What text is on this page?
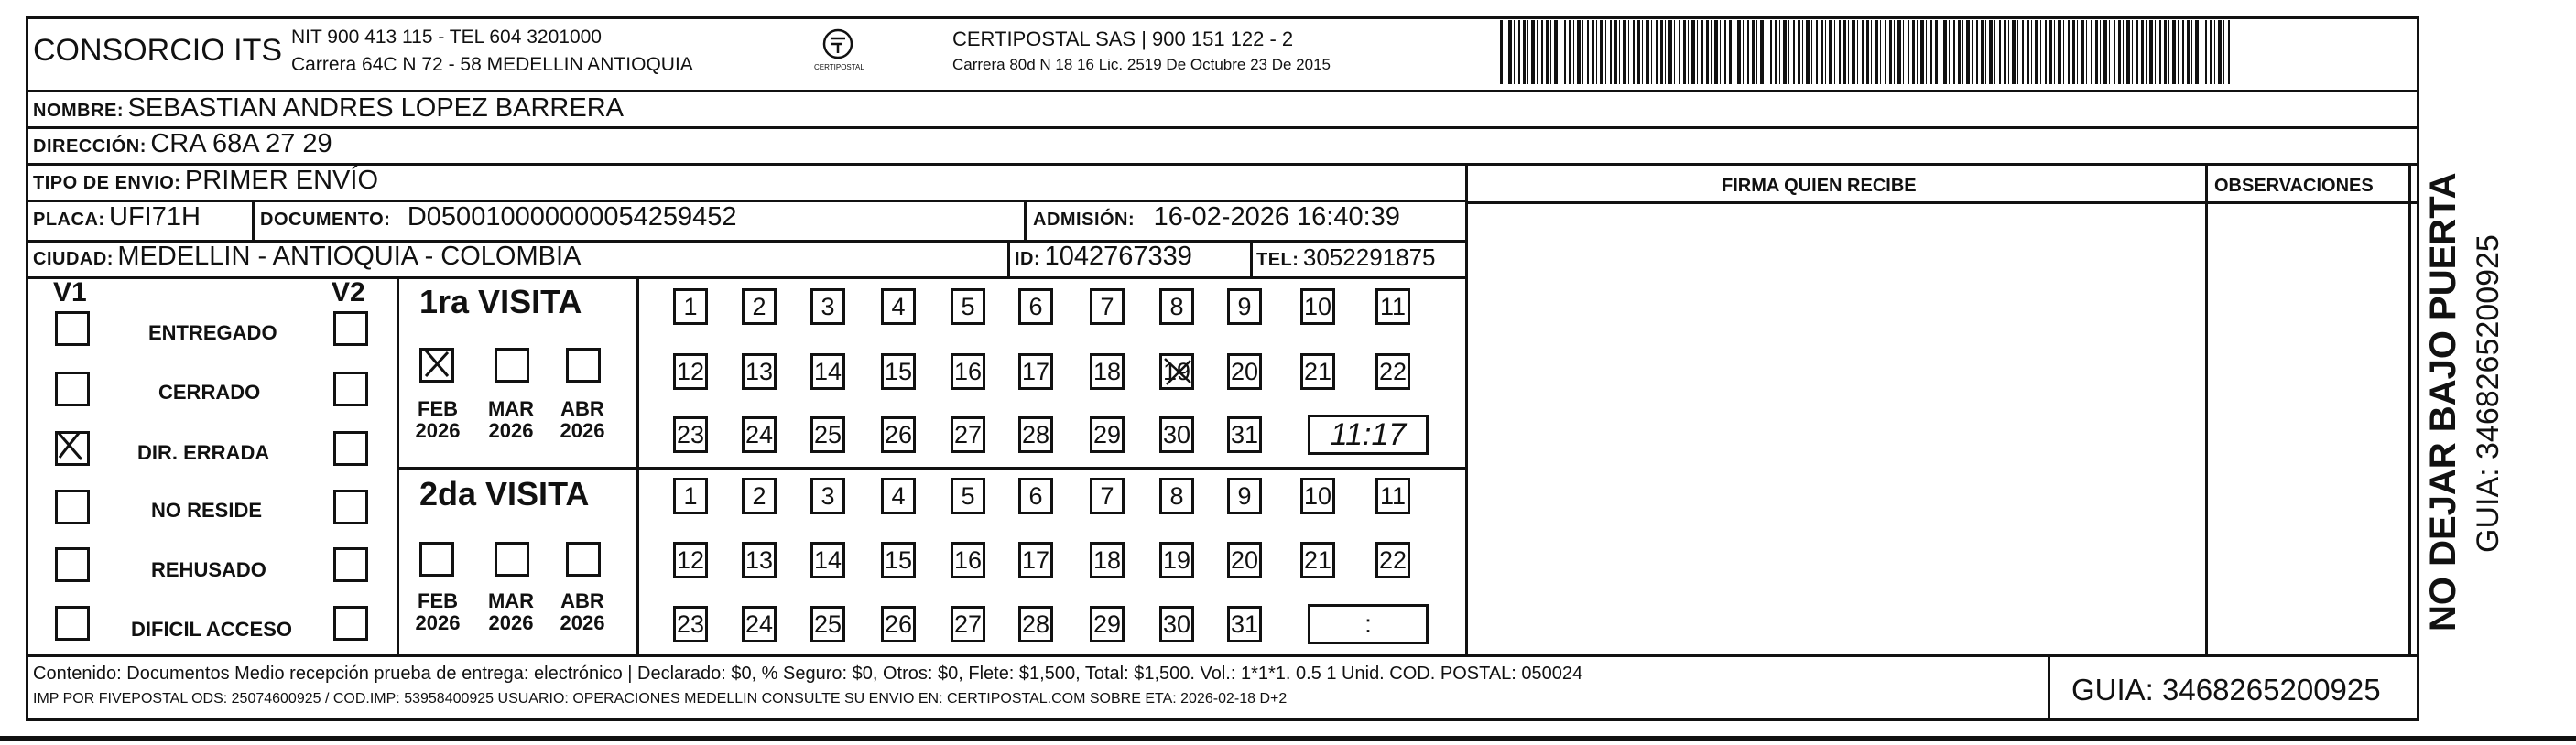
CONSORCIO ITS NIT 900 413 115 - TEL 604 3201000
Carrera 64C N 72 - 58 MEDELLIN ANTIOQUIA	CERTIPOSTAL
CERTIPOSTAL SAS | 900 151 122 - 2
Carrera 80d N 18 16 Lic. 2519 De Octubre 23 De 2015
NOMBRE: SEBASTIAN ANDRES LOPEZ BARRERA
DIRECCIÓN: CRA 68A 27 29
TIPO DE ENVIO: PRIMER ENVÍO
PLACA: UFI71H	DOCUMENTO: D050010000000054259452	ADMISIÓN: 16-02-2026 16:40:39
CIUDAD: MEDELLIN - ANTIOQUIA - COLOMBIA	ID: 1042767339	TEL: 3052291875
FIRMA QUIEN RECIBE	OBSERVACIONES
V1	V2
ENTREGADO
CERRADO
DIR. ERRADA
NO RESIDE
REHUSADO
DIFICIL ACCESO
1ra VISITA
FEB
2026
MAR
2026
ABR
2026
2da VISITA
FEB
2026
MAR
2026
ABR
2026
1	2	3	4	5	6	7	8	9	10 11
12 13 14 15 16 17 18 19 20 21 22
23 24 25 26 27 28 29 30 31
1	2	3	4	5	6	7	8	9	10 11
12 13 14 15 16 17 18 19 20 21 22
23 24 25 26 27 28 29 30 31
11:17
:
Contenido: Documentos Medio recepción prueba de entrega: electrónico | Declarado: $0, % Seguro: $0, Otros: $0, Flete: $1,500, Total: $1,500. Vol.: 1*1*1. 0.5 1 Unid. COD. POSTAL: 050024
IMP POR FIVEPOSTAL ODS: 25074600925 / COD.IMP: 53958400925 USUARIO: OPERACIONES MEDELLIN CONSULTE SU ENVIO EN: CERTIPOSTAL.COM SOBRE ETA: 2026-02-18 D+2	GUIA: 3468265200925
NO DEJAR BAJO PUERTA GUIA: 3468265200925
